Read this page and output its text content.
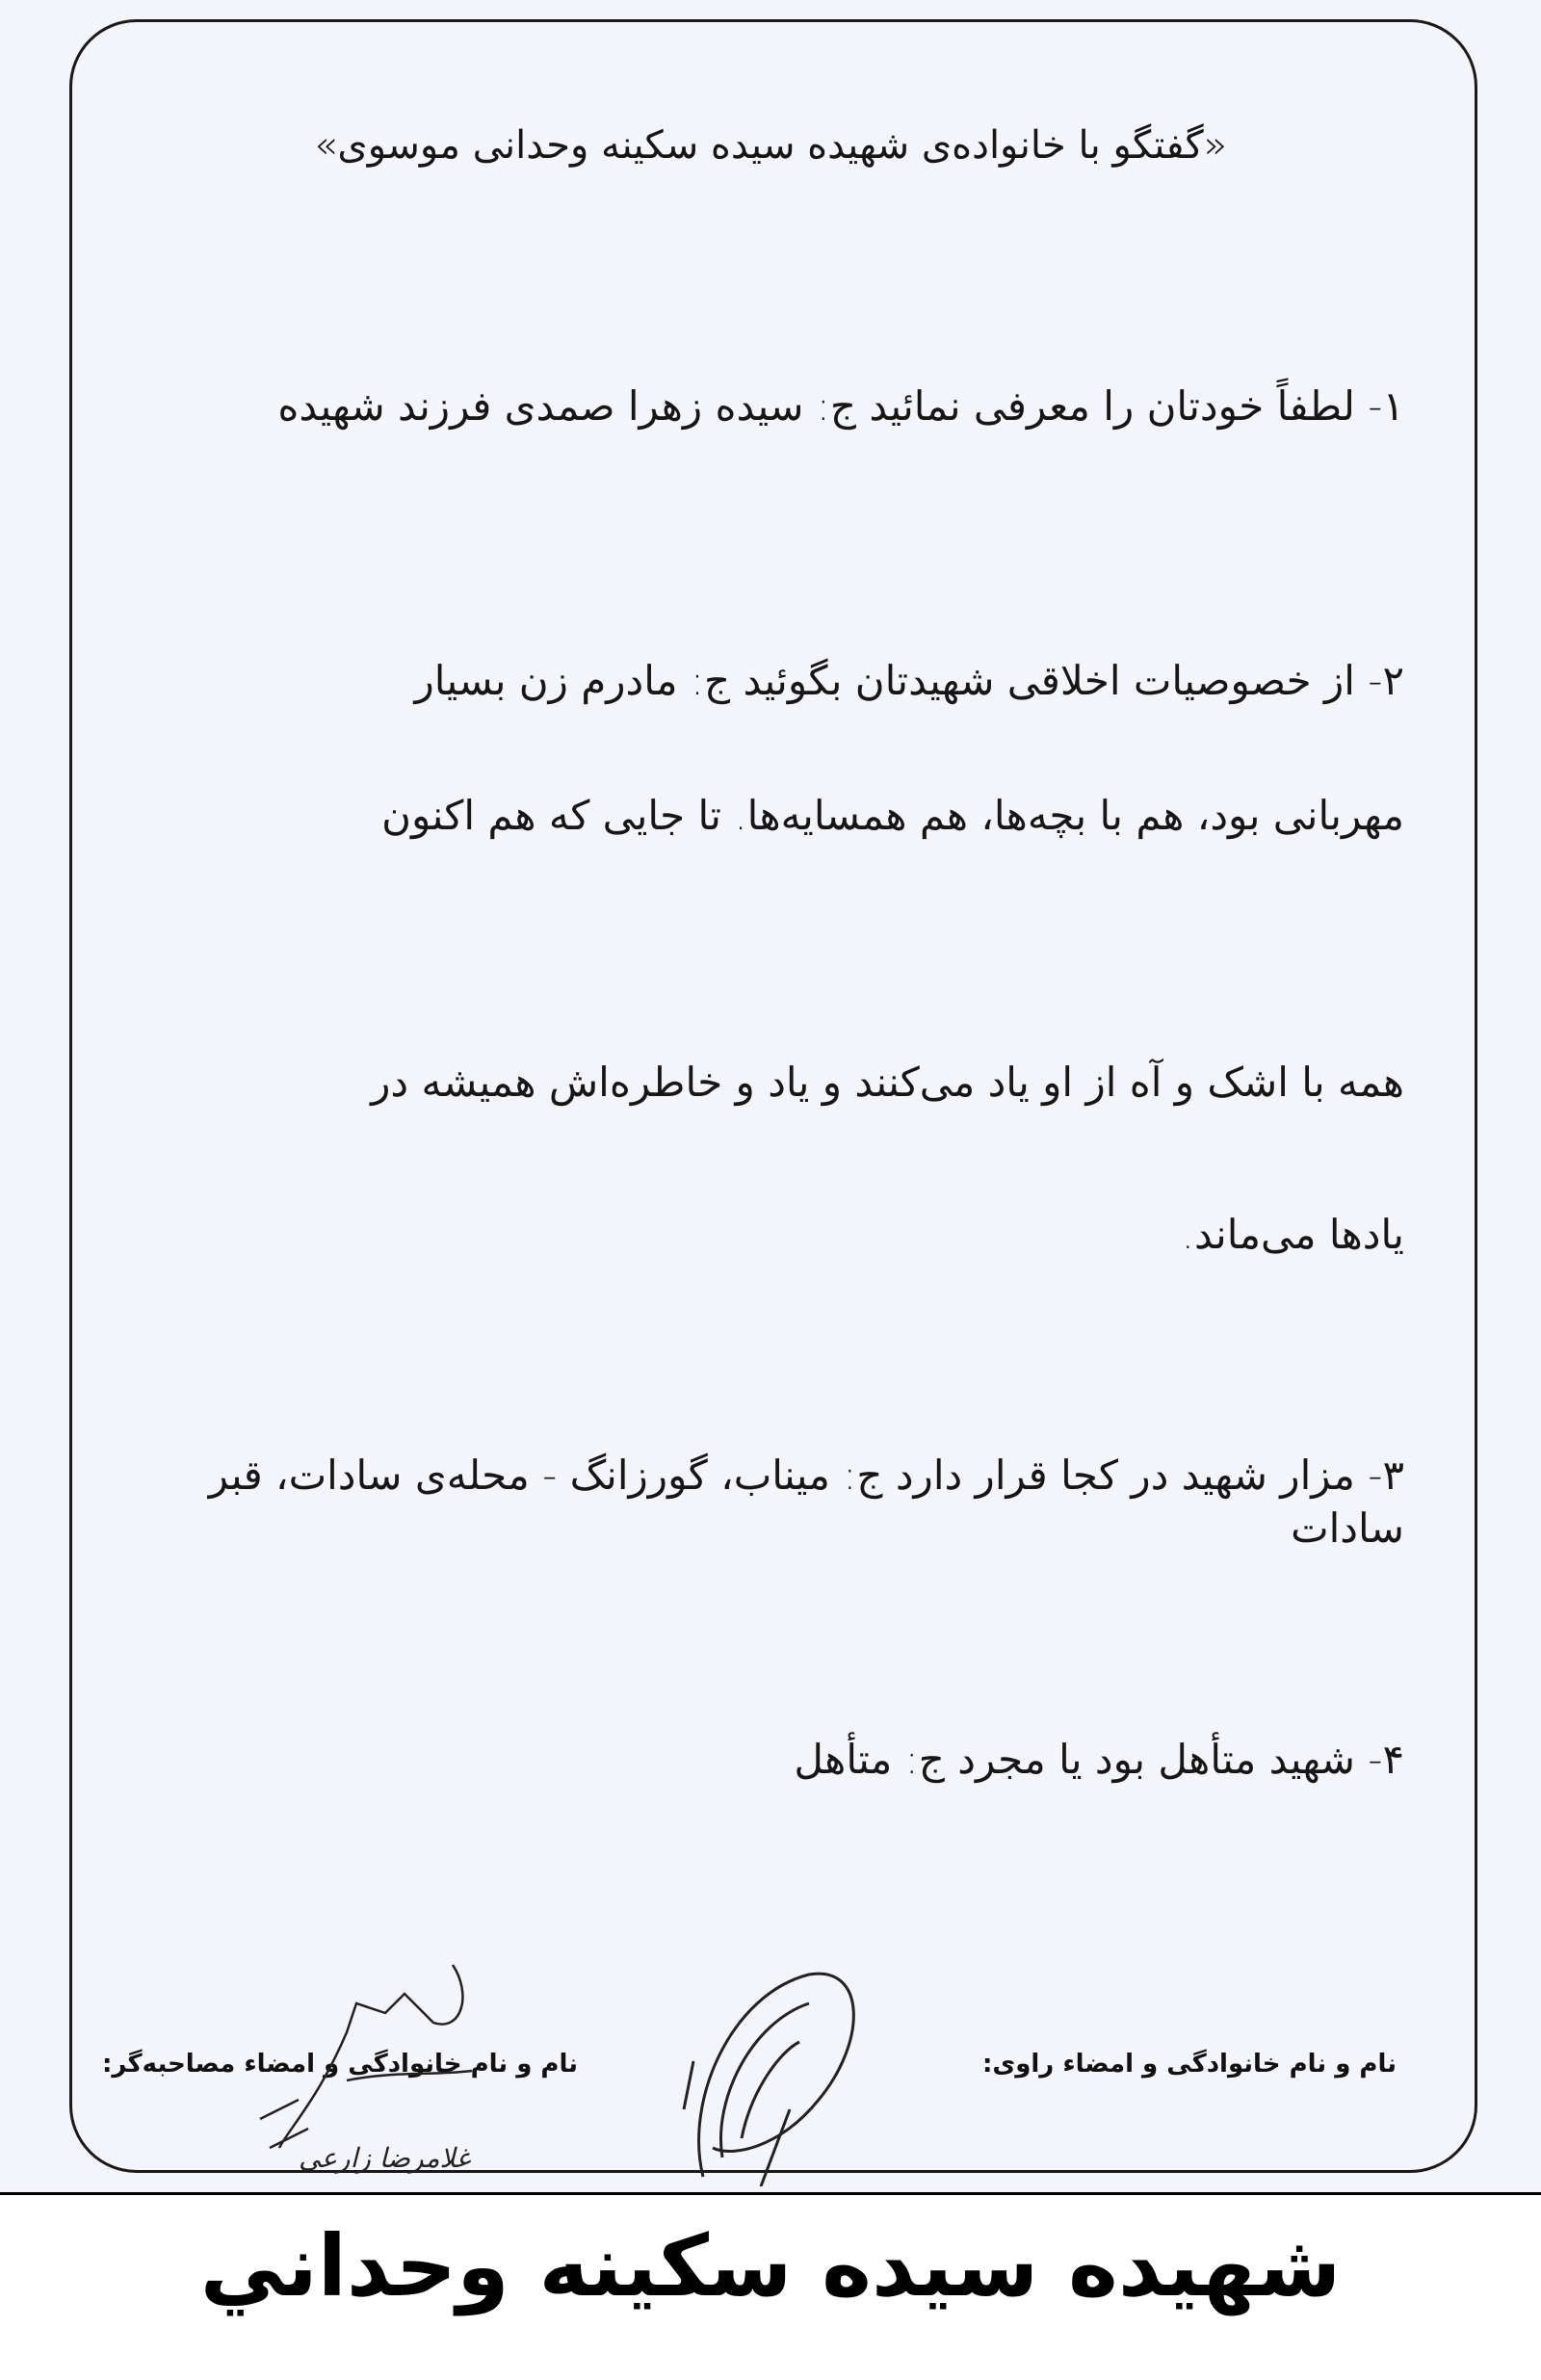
«گفتگو با خانواده‌ی شهیده سیده سکینه وحدانی موسوی»
۱- لطفاً خودتان را معرفی نمائید ج: سیده زهرا صمدی فرزند شهیده
۲- از خصوصیات اخلاقی شهیدتان بگوئید ج: مادرم زن بسیار
مهربانی بود، هم با بچه‌ها، هم همسایه‌ها. تا جایی که هم اکنون
همه با اشک و آه از او یاد می‌کنند و یاد و خاطره‌اش همیشه در
یادها می‌ماند.
۳- مزار شهید در کجا قرار دارد ج: میناب، گورزانگ - محله‌ی سادات، قبر سادات
۴- شهید متأهل بود یا مجرد ج: متأهل
نام و نام خانوادگی و امضاء راوی:
نام و نام خانوادگی و امضاء مصاحبه‌گر:
غلامرضا زارعی
شهيده سيده سكينه وحداني
